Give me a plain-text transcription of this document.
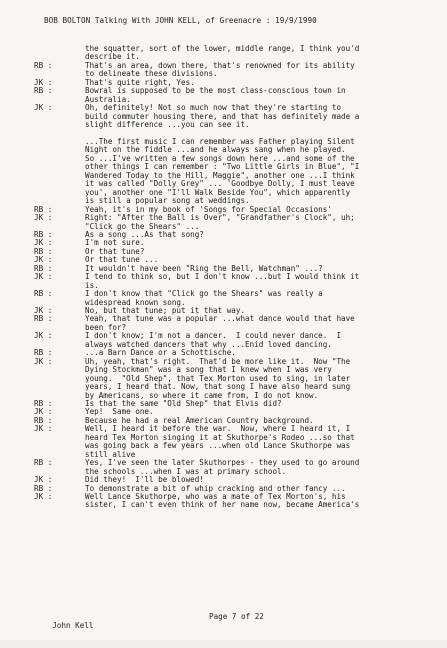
BOB BOLTON Talking With JOHN KELL, of Greenacre : 19/9/1990
the squatter, sort of the lower, middle range, I think you'd
describe it.
RB :	That's an area, down there, that's renowned for its ability
to delineate these divisions.
JK :	That's quite right, Yes.
RB :	Bowral is supposed to be the most class-conscious town in
Australia.
JK :	Oh, definitely! Not so much now that they're starting to
build commuter housing there, and that has definitely made a
slight difference ...you can see it.
...The first music I can remember was Father playing Silent
Night on the fiddle ...and he always sang when he played.
So ...I've written a few songs down here ...and some of the
other things I can remember : "Two Little Girls in Blue", "I
Wandered Today to the Hill, Maggie", another one ...I think
it was called "Dolly Grey" ... 'Goodbye Dolly, I must leave
you', another one "I'll Walk Beside You", which apparently
is still a popular song at weddings.
RB :	Yeah, it's in my book of 'Songs for Special Occasions'
JK :	Right: "After the Ball is Over", "Grandfather's Clock", uh;
"Click go the Shears" ...
RB :	As a song ...As that song?
JK :	I'm not sure.
RB :	Or that tune?
JK :	Or that tune ...
RB :	It wouldn't have been "Ring the Bell, Watchman" ...?
JK :	I tend to think so, but I don't know ...but I would think it
is.
RB :	I don't know that "Click go the Shears" was really a
widespread known song.
JK :	No, but that tune; put it that way.
RB :	Yeah, that tune was a popular ...what dance would that have
been for?
JK :	I don't know; I'm not a dancer.  I could never dance.  I
always watched dancers that why ...Enid loved dancing.
RB :	...a Barn Dance or a Schottische.
JK :	Uh, yeah, that's right.  That'd be more like it.  Now "The
Dying Stockman" was a song that I knew when I was very
young.  "Old Shep", that Tex Morton used to sing, in later
years, I heard that. Now, that song I have also heard sung
by Americans, so where it came from, I do not know.
RB :	Is that the same "Old Shep" that Elvis did?
JK :	Yep!  Same one.
RB :	Because he had a real American Country background.
JK :	Well, I heard it before the war.  Now, where I heard it, I
heard Tex Morton singing it at Skuthorpe's Rodeo ...so that
was going back a few years ...when old Lance Skuthorpe was
still alive
RB :	Yes, I've seen the later Skuthorpes - they used to go around
the schools ...when I was at primary school.
JK :	Did they!  I'll be blowed!
RB :	To demonstrate a bit of whip cracking and other fancy ...
JK :	Well Lance Skuthorpe, who was a mate of Tex Morton's, his
sister, I can't even think of her name now, became America's

John Kell

Page 7 of 22
